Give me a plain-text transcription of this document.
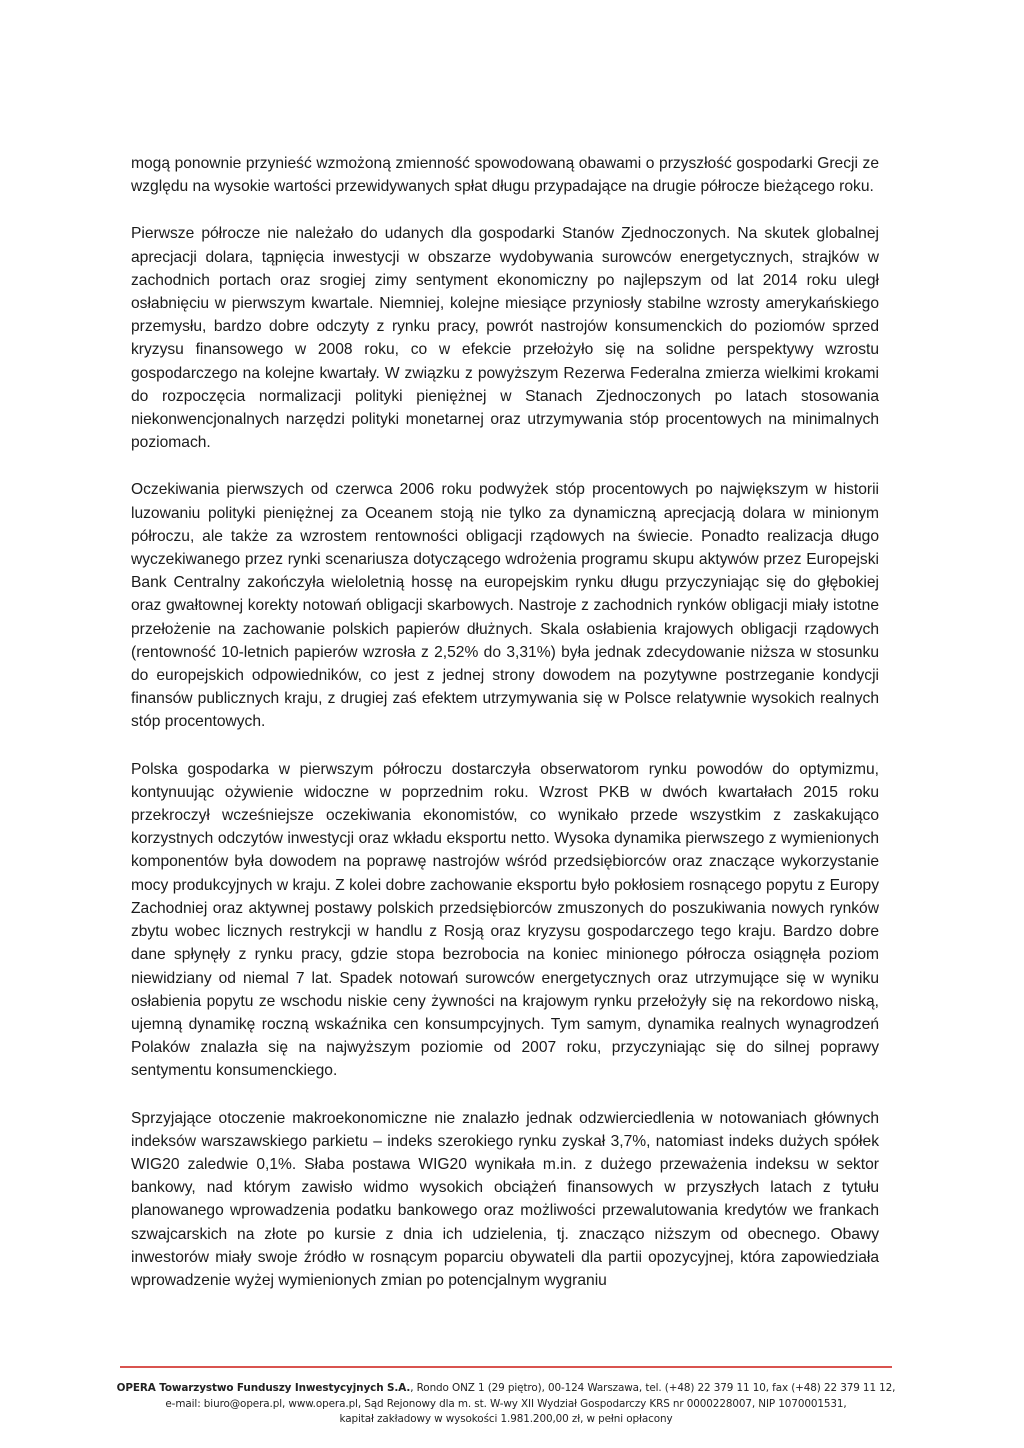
mogą ponownie przynieść wzmożoną zmienność spowodowaną obawami o przyszłość gospodarki Grecji ze względu na wysokie wartości przewidywanych spłat długu przypadające na drugie półrocze bieżącego roku.

Pierwsze półrocze nie należało do udanych dla gospodarki Stanów Zjednoczonych. Na skutek globalnej aprecjacji dolara, tąpnięcia inwestycji w obszarze wydobywania surowców energetycznych, strajków w zachodnich portach oraz srogiej zimy sentyment ekonomiczny po najlepszym od lat 2014 roku uległ osłabnięciu w pierwszym kwartale. Niemniej, kolejne miesiące przyniosły stabilne wzrosty amerykańskiego przemysłu, bardzo dobre odczyty z rynku pracy, powrót nastrojów konsumenckich do poziomów sprzed kryzysu finansowego w 2008 roku, co w efekcie przełożyło się na solidne perspektywy wzrostu gospodarczego na kolejne kwartały. W związku z powyższym Rezerwa Federalna zmierza wielkimi krokami do rozpoczęcia normalizacji polityki pieniężnej w Stanach Zjednoczonych po latach stosowania niekonwencjonalnych narzędzi polityki monetarnej oraz utrzymywania stóp procentowych na minimalnych poziomach.

Oczekiwania pierwszych od czerwca 2006 roku podwyżek stóp procentowych po największym w historii luzowaniu polityki pieniężnej za Oceanem stoją nie tylko za dynamiczną aprecjacją dolara w minionym półroczu, ale także za wzrostem rentowności obligacji rządowych na świecie. Ponadto realizacja długo wyczekiwanego przez rynki scenariusza dotyczącego wdrożenia programu skupu aktywów przez Europejski Bank Centralny zakończyła wieloletnią hossę na europejskim rynku długu przyczyniając się do głębokiej oraz gwałtownej korekty notowań obligacji skarbowych. Nastroje z zachodnich rynków obligacji miały istotne przełożenie na zachowanie polskich papierów dłużnych. Skala osłabienia krajowych obligacji rządowych (rentowność 10-letnich papierów wzrosła z 2,52% do 3,31%) była jednak zdecydowanie niższa w stosunku do europejskich odpowiedników, co jest z jednej strony dowodem na pozytywne postrzeganie kondycji finansów publicznych kraju, z drugiej zaś efektem utrzymywania się w Polsce relatywnie wysokich realnych stóp procentowych.

Polska gospodarka w pierwszym półroczu dostarczyła obserwatorom rynku powodów do optymizmu, kontynuując ożywienie widoczne w poprzednim roku. Wzrost PKB w dwóch kwartałach 2015 roku przekroczył wcześniejsze oczekiwania ekonomistów, co wynikało przede wszystkim z zaskakująco korzystnych odczytów inwestycji oraz wkładu eksportu netto. Wysoka dynamika pierwszego z wymienionych komponentów była dowodem na poprawę nastrojów wśród przedsiębiorców oraz znaczące wykorzystanie mocy produkcyjnych w kraju. Z kolei dobre zachowanie eksportu było pokłosiem rosnącego popytu z Europy Zachodniej oraz aktywnej postawy polskich przedsiębiorców zmuszonych do poszukiwania nowych rynków zbytu wobec licznych restrykcji w handlu z Rosją oraz kryzysu gospodarczego tego kraju. Bardzo dobre dane spłynęły z rynku pracy, gdzie stopa bezrobocia na koniec minionego półrocza osiągnęła poziom niewidziany od niemal 7 lat. Spadek notowań surowców energetycznych oraz utrzymujące się w wyniku osłabienia popytu ze wschodu niskie ceny żywności na krajowym rynku przełożyły się na rekordowo niską, ujemną dynamikę roczną wskaźnika cen konsumpcyjnych. Tym samym, dynamika realnych wynagrodzeń Polaków znalazła się na najwyższym poziomie od 2007 roku, przyczyniając się do silnej poprawy sentymentu konsumenckiego.

Sprzyjające otoczenie makroekonomiczne nie znalazło jednak odzwierciedlenia w notowaniach głównych indeksów warszawskiego parkietu – indeks szerokiego rynku zyskał 3,7%, natomiast indeks dużych spółek WIG20 zaledwie 0,1%. Słaba postawa WIG20 wynikała m.in. z dużego przeważenia indeksu w sektor bankowy, nad którym zawisło widmo wysokich obciążeń finansowych w przyszłych latach z tytułu planowanego wprowadzenia podatku bankowego oraz możliwości przewalutowania kredytów we frankach szwajcarskich na złote po kursie z dnia ich udzielenia, tj. znacząco niższym od obecnego. Obawy inwestorów miały swoje źródło w rosnącym poparciu obywateli dla partii opozycyjnej, która zapowiedziała wprowadzenie wyżej wymienionych zmian po potencjalnym wygraniu

OPERA Towarzystwo Funduszy Inwestycyjnych S.A., Rondo ONZ 1 (29 piętro), 00-124 Warszawa, tel. (+48) 22 379 11 10, fax (+48) 22 379 11 12,
e-mail: biuro@opera.pl, www.opera.pl, Sąd Rejonowy dla m. st. W-wy XII Wydział Gospodarczy KRS nr 0000228007, NIP 1070001531,
kapitał zakładowy w wysokości 1.981.200,00 zł, w pełni opłacony
